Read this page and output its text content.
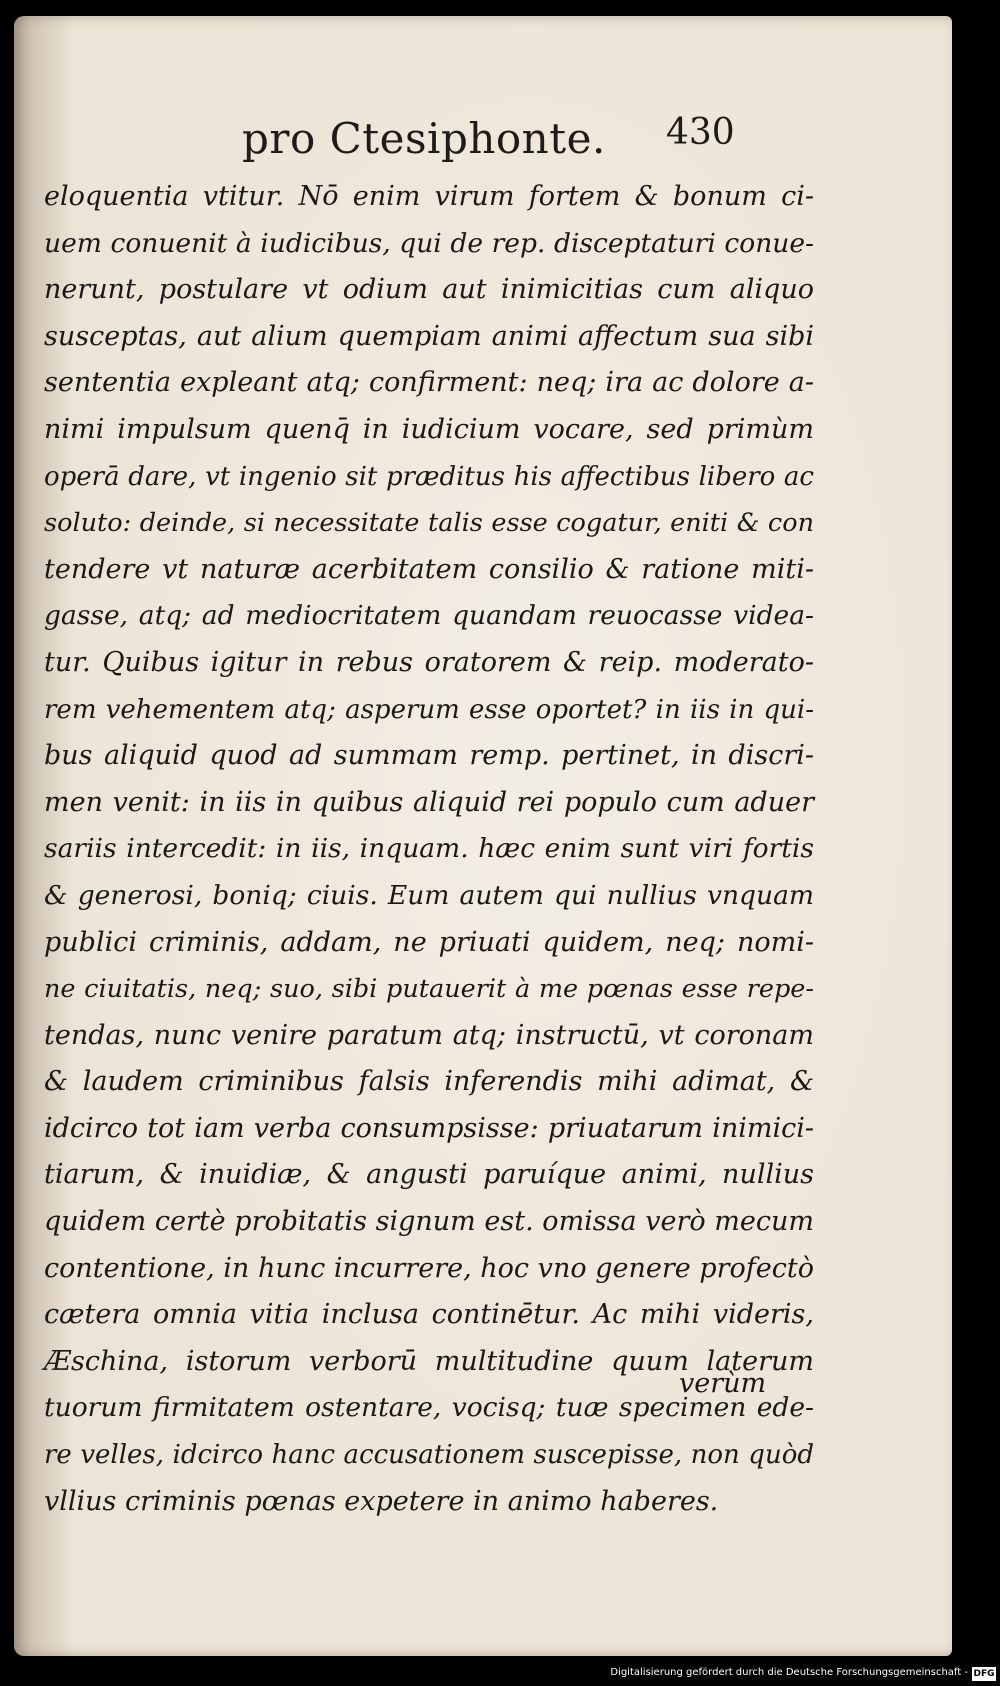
pro Ctesiphonte. 430
eloquentia vtitur. Nō enim virum fortem & bonum ci-
uem conuenit à iudicibus, qui de rep. disceptaturi conue-
nerunt, postulare vt odium aut inimicitias cum aliquo
susceptas, aut alium quempiam animi affectum sua sibi
sententia expleant atq; confirment: neq; ira ac dolore a-
nimi impulsum quenq̄ in iudicium vocare, sed primùm
operā dare, vt ingenio sit præditus his affectibus libero ac
soluto: deinde, si necessitate talis esse cogatur, eniti & con
tendere vt naturæ acerbitatem consilio & ratione miti-
gasse, atq; ad mediocritatem quandam reuocasse videa-
tur. Quibus igitur in rebus oratorem & reip. moderato-
rem vehementem atq; asperum esse oportet? in iis in qui-
bus aliquid quod ad summam remp. pertinet, in discri-
men venit: in iis in quibus aliquid rei populo cum aduer
sariis intercedit: in iis, inquam. hæc enim sunt viri fortis
& generosi, boniq; ciuis. Eum autem qui nullius vnquam
publici criminis, addam, ne priuati quidem, neq; nomi-
ne ciuitatis, neq; suo, sibi putauerit à me pœnas esse repe-
tendas, nunc venire paratum atq; instructū, vt coronam
& laudem criminibus falsis inferendis mihi adimat, &
idcirco tot iam verba consumpsisse: priuatarum inimici-
tiarum, & inuidiæ, & angusti paruíque animi, nullius
quidem certè probitatis signum est. omissa verò mecum
contentione, in hunc incurrere, hoc vno genere profectò
cætera omnia vitia inclusa continētur. Ac mihi videris,
Æschina, istorum verborū multitudine quum laterum
tuorum firmitatem ostentare, vocisq; tuæ specimen ede-
re velles, idcirco hanc accusationem suscepisse, non quòd
vllius criminis pœnas expetere in animo haberes.
verùm
Digitalisierung gefördert durch die Deutsche Forschungsgemeinschaft - DFG
